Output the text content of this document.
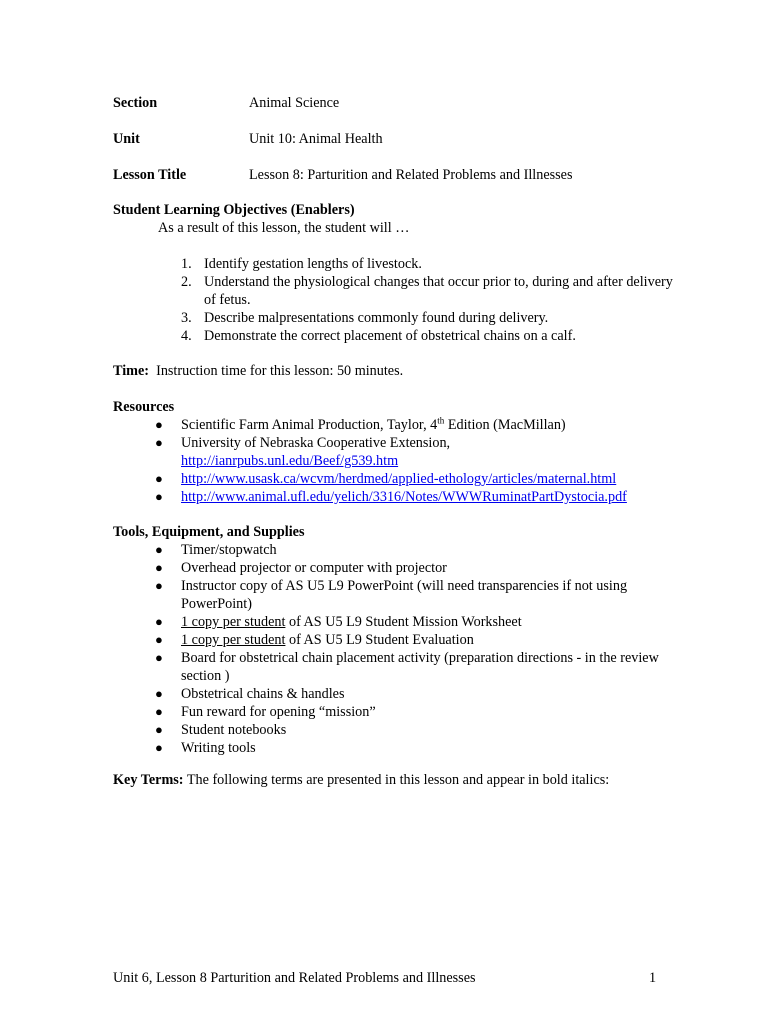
Section	Animal Science
Unit	Unit 10: Animal Health
Lesson Title	Lesson 8: Parturition and Related Problems and Illnesses
Student Learning Objectives (Enablers)
As a result of this lesson, the student will …
1. Identify gestation lengths of livestock.
2. Understand the physiological changes that occur prior to, during and after delivery of fetus.
3. Describe malpresentations commonly found during delivery.
4. Demonstrate the correct placement of obstetrical chains on a calf.
Time: Instruction time for this lesson: 50 minutes.
Resources
● Scientific Farm Animal Production, Taylor, 4th Edition (MacMillan)
● University of Nebraska Cooperative Extension,
http://ianrpubs.unl.edu/Beef/g539.htm
● http://www.usask.ca/wcvm/herdmed/applied-ethology/articles/maternal.html
● http://www.animal.ufl.edu/yelich/3316/Notes/WWWRuminatPartDystocia.pdf
Tools, Equipment, and Supplies
● Timer/stopwatch
● Overhead projector or computer with projector
● Instructor copy of AS U5 L9 PowerPoint (will need transparencies if not using PowerPoint)
● 1 copy per student of AS U5 L9 Student Mission Worksheet
● 1 copy per student of AS U5 L9 Student Evaluation
● Board for obstetrical chain placement activity (preparation directions - in the review section )
● Obstetrical chains & handles
● Fun reward for opening “mission”
● Student notebooks
● Writing tools
Key Terms: The following terms are presented in this lesson and appear in bold italics:
Unit 6, Lesson 8 Parturition and Related Problems and Illnesses	1
